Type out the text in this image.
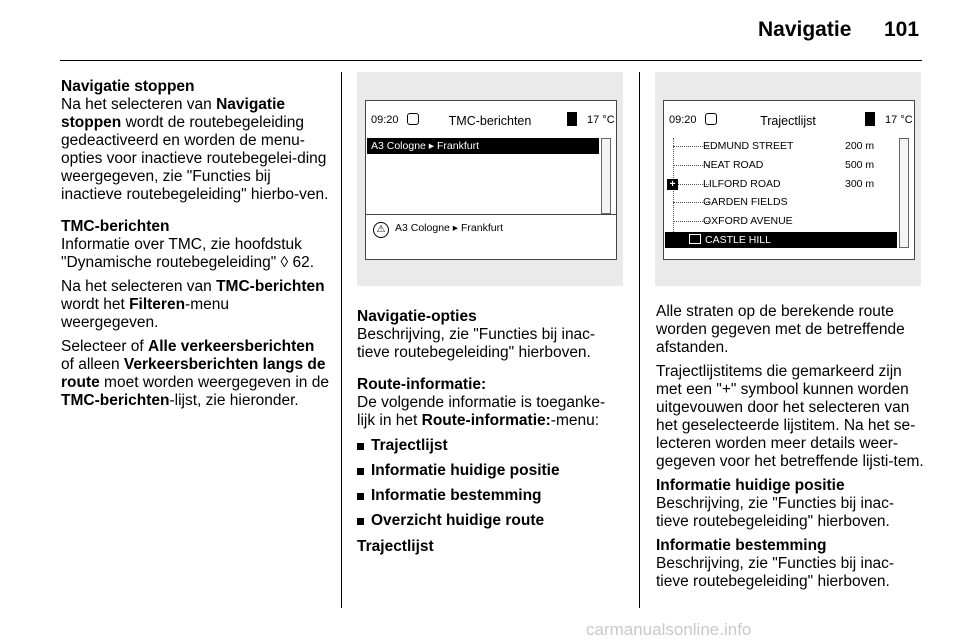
Navigatie 101

Navigatie stoppen

Na het selecteren van Navigatie stoppen wordt de routebegeleiding gedeactiveerd en worden de menu-opties voor inactieve routebegelei-ding weergegeven, zie "Functies bij inactieve routebegeleiding" hierbo-ven.

TMC-berichten

Informatie over TMC, zie hoofdstuk "Dynamische routebegeleiding" ◊ 62.

Na het selecteren van TMC-berichten wordt het Filteren-menu weergegeven.

Selecteer of Alle verkeersberichten of alleen Verkeersberichten langs de route moet worden weergegeven in de TMC-berichten-lijst, zie hieronder.

09:20	TMC-berichten	17 °C
A3 Cologne ▸ Frankfurt
⚠ A3 Cologne ▸ Frankfurt

Navigatie-opties

Beschrijving, zie "Functies bij inac-tieve routebegeleiding" hierboven.

Route-informatie:

De volgende informatie is toeganke-lijk in het Route-informatie:-menu:

Trajectlijst

Informatie huidige positie

Informatie bestemming

Overzicht huidige route

Trajectlijst

09:20	Trajectlijst	17 °C
+
EDMUND STREET	200 m
NEAT ROAD	500 m
LILFORD ROAD	300 m
GARDEN FIELDS
OXFORD AVENUE
CASTLE HILL

Alle straten op de berekende route worden gegeven met de betreffende afstanden.

Trajectlijstitems die gemarkeerd zijn met een "+" symbool kunnen worden uitgevouwen door het selecteren van het geselecteerde lijstitem. Na het se-lecteren worden meer details weer-gegeven voor het betreffende lijsti-tem.

Informatie huidige positie

Beschrijving, zie "Functies bij inac-tieve routebegeleiding" hierboven.

Informatie bestemming

Beschrijving, zie "Functies bij inac-tieve routebegeleiding" hierboven.

carmanualsonline.info
